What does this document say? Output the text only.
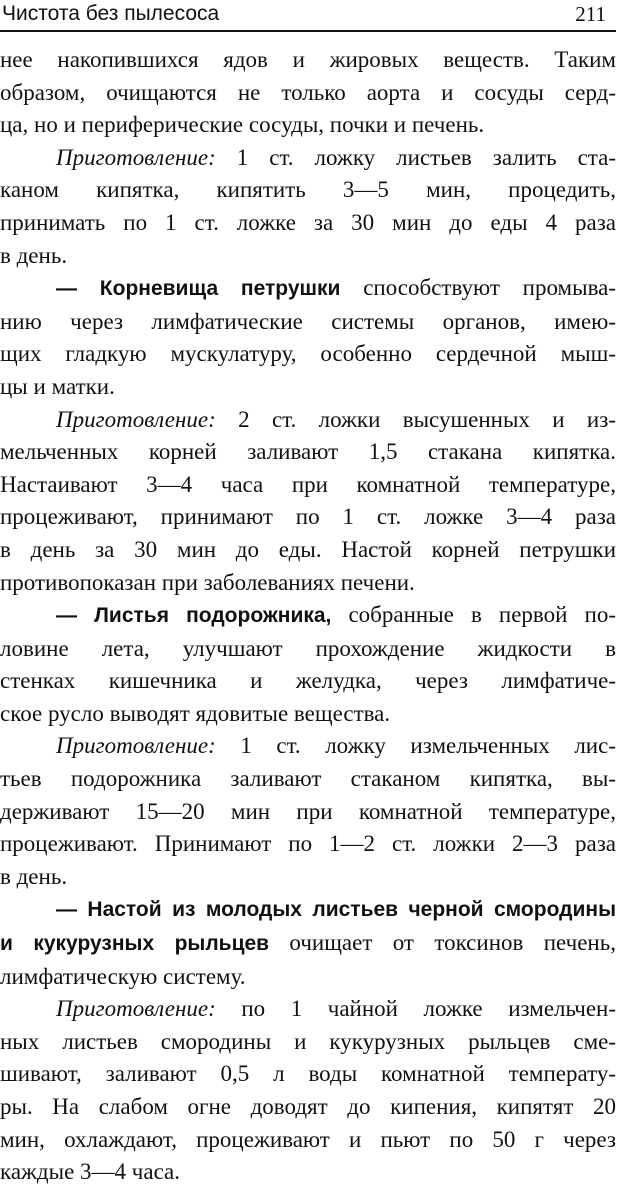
Чистота без пылесоса	211
нее накопившихся ядов и жировых веществ. Таким
образом, очищаются не только аорта и сосуды серд-
ца, но и периферические сосуды, почки и печень.
Приготовление: 1 ст. ложку листьев залить ста-
каном кипятка, кипятить 3—5 мин, процедить,
принимать по 1 ст. ложке за 30 мин до еды 4 раза
в день.
— Корневища петрушки способствуют промыва-
нию через лимфатические системы органов, имею-
щих гладкую мускулатуру, особенно сердечной мыш-
цы и матки.
Приготовление: 2 ст. ложки высушенных и из-
мельченных корней заливают 1,5 стакана кипятка.
Настаивают 3—4 часа при комнатной температуре,
процеживают, принимают по 1 ст. ложке 3—4 раза
в день за 30 мин до еды. Настой корней петрушки
противопоказан при заболеваниях печени.
— Листья подорожника, собранные в первой по-
ловине лета, улучшают прохождение жидкости в
стенках кишечника и желудка, через лимфатиче-
ское русло выводят ядовитые вещества.
Приготовление: 1 ст. ложку измельченных лис-
тьев подорожника заливают стаканом кипятка, вы-
держивают 15—20 мин при комнатной температуре,
процеживают. Принимают по 1—2 ст. ложки 2—3 раза
в день.
— Настой из молодых листьев черной смородины
и кукурузных рыльцев очищает от токсинов печень,
лимфатическую систему.
Приготовление: по 1 чайной ложке измельчен-
ных листьев смородины и кукурузных рыльцев сме-
шивают, заливают 0,5 л воды комнатной температу-
ры. На слабом огне доводят до кипения, кипятят 20
мин, охлаждают, процеживают и пьют по 50 г через
каждые 3—4 часа.
